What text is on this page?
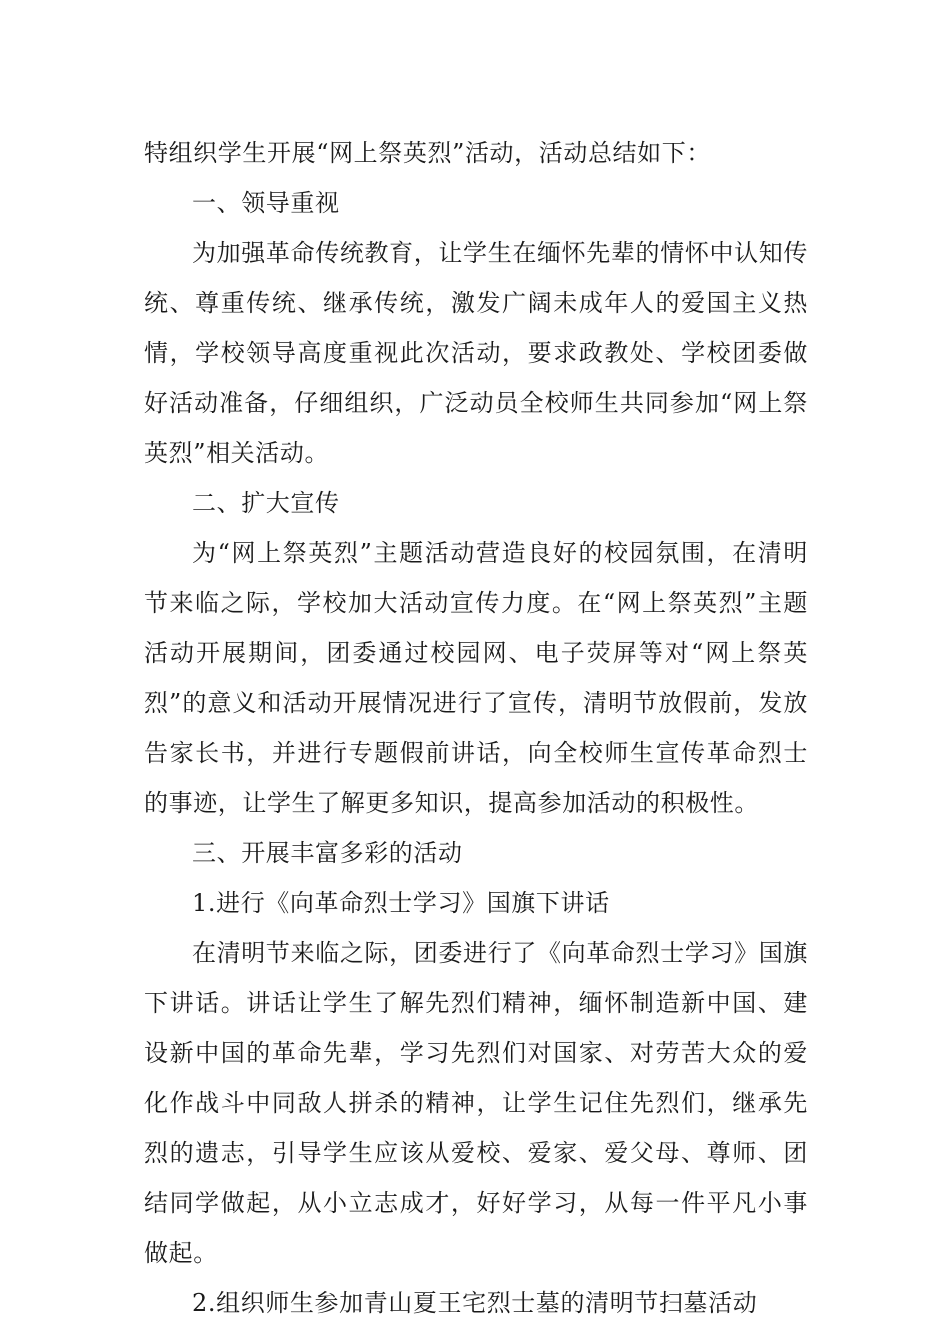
特组织学生开展“网上祭英烈”活动，活动总结如下：

一、领导重视

为加强革命传统教育，让学生在缅怀先辈的情怀中认知传统、尊重传统、继承传统，激发广阔未成年人的爱国主义热情，学校领导高度重视此次活动，要求政教处、学校团委做好活动准备，仔细组织，广泛动员全校师生共同参加“网上祭英烈”相关活动。

二、扩大宣传

为“网上祭英烈”主题活动营造良好的校园氛围，在清明节来临之际，学校加大活动宣传力度。在“网上祭英烈”主题活动开展期间，团委通过校园网、电子荧屏等对“网上祭英烈”的意义和活动开展情况进行了宣传，清明节放假前，发放告家长书，并进行专题假前讲话，向全校师生宣传革命烈士的事迹，让学生了解更多知识，提高参加活动的积极性。

三、开展丰富多彩的活动

1.进行《向革命烈士学习》国旗下讲话

在清明节来临之际，团委进行了《向革命烈士学习》国旗下讲话。讲话让学生了解先烈们精神，缅怀制造新中国、建设新中国的革命先辈，学习先烈们对国家、对劳苦大众的爱化作战斗中同敌人拼杀的精神，让学生记住先烈们，继承先烈的遗志，引导学生应该从爱校、爱家、爱父母、尊师、团结同学做起，从小立志成才，好好学习，从每一件平凡小事做起。

2.组织师生参加青山夏王宅烈士墓的清明节扫墓活动
